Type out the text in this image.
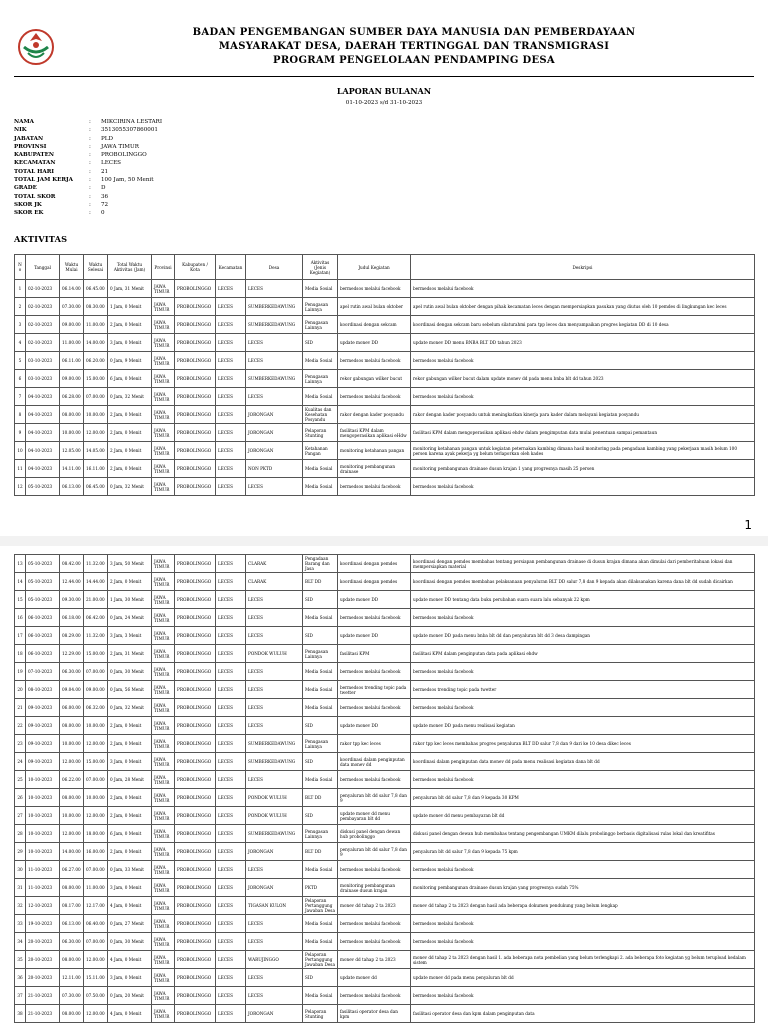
BADAN PENGEMBANGAN SUMBER DAYA MANUSIA DAN PEMBERDAYAAN
MASYARAKAT DESA, DAERAH TERTINGGAL DAN TRANSMIGRASI
PROGRAM PENGELOLAAN PENDAMPING DESA
LAPORAN BULANAN
01-10-2023 s/d 31-10-2023
NAMA	:	MIKCIRINA LESTARI
NIK	:	3513055307860001
JABATAN	:	PLD
PROVINSI	:	JAWA TIMUR
KABUPATEN	:	PROBOLINGGO
KECAMATAN	:	LECES
TOTAL HARI	:	21
TOTAL JAM KERJA	:	100 Jam, 50 Menit
GRADE	:	D
TOTAL SKOR	:	36
SKOR JK	:	72
SKOR EK	:	0
AKTIVITAS
No	Tanggal	Waktu Mulai	Waktu Selesai	Total Waktu Aktivitas (Jam)	Provinsi	Kabupaten / Kota	Kecamatan	Desa	Aktivitas (Jenis Kegiatan)	Judul Kegiatan	Deskripsi
1	02-10-2023	06.14.00	06.45.00	0 Jam, 31 Menit	JAWA TIMUR	PROBOLINGGO	LECES	LECES	Media Sosial	bermedsos melalui facebook	bermedsos melalui facebook
2	02-10-2023	07.30.00	08.30.00	1 Jam, 0 Menit	JAWA TIMUR	PROBOLINGGO	LECES	SUMBERKEDAWUNG	Penugasan Lainnya	apel rutin awal bulan oktober	apel rutin awal bulan oktober dengan pihak kecamatan leces dengan mempersiapkan pasukan yang diutus oleh 10 pemdes di lingkungan kec leces
3	02-10-2023	09.00.00	11.00.00	2 Jam, 0 Menit	JAWA TIMUR	PROBOLINGGO	LECES	SUMBERKEDAWUNG	Penugasan Lainnya	koordinasi dengan sekcam	koordinasi dengan sekcam baru sebelum silaturahmi para tpp leces dan menyampaikan progres kegiatan DD di 10 desa
4	02-10-2023	11.00.00	14.00.00	3 Jam, 0 Menit	JAWA TIMUR	PROBOLINGGO	LECES	LECES	SID	update monev DD	update monev DD menu BNBA BLT DD tahun 2023
5	03-10-2023	06.11.00	06.20.00	0 Jam, 9 Menit	JAWA TIMUR	PROBOLINGGO	LECES	LECES	Media Sosial	bermedsos melalui facebook	bermedsos melalui facebook
6	03-10-2023	09.00.00	15.00.00	6 Jam, 0 Menit	JAWA TIMUR	PROBOLINGGO	LECES	SUMBERKEDAWUNG	Penugasan Lainnya	rekor gabungan wilker bucut	rekor gabungan wilker bucut dalam update monev dd pada menu bnba blt dd tahun 2023
7	04-10-2023	06.28.00	07.00.00	0 Jam, 32 Menit	JAWA TIMUR	PROBOLINGGO	LECES	LECES	Media Sosial	bermedsos melalui facebook	bermedsos melalui facebook
8	04-10-2023	08.00.00	10.00.00	2 Jam, 0 Menit	JAWA TIMUR	PROBOLINGGO	LECES	JORONGAN	Kualitas dan Kesehatan Posyandu	rakor dengan kader posyandu	rakor dengan kader posyandu untuk meningkatkan kinerja para kader dalam melayani kegiatan posyandu
9	04-10-2023	10.00.00	12.00.00	2 Jam, 0 Menit	JAWA TIMUR	PROBOLINGGO	LECES	JORONGAN	Pelaporan Stunting	fasilitasi KPM dalam mengoperasikan aplikasi eHdw	fasilitasi KPM dalam mengoperasikan aplikasi ehdw dalam pengimputan data mulai penentuan sampai pemantaun
10	04-10-2023	12.05.00	14.05.00	2 Jam, 0 Menit	JAWA TIMUR	PROBOLINGGO	LECES	JORONGAN	Ketahanan Pangan	monitoring ketahanan pangan	monitoring ketahanan pangan untuk kegiatan peternakan kambing dimana hasil monitoring pada pengadaan kambing yang pekerjaan masih belum 100 persen karena ayak pekerja yg belum terlaporkan oleh kades
11	04-10-2023	14.11.00	16.11.00	2 Jam, 0 Menit	JAWA TIMUR	PROBOLINGGO	LECES	NON PKTD	Media Sosial	monitoring pembangunan drainase	monitoring pembangunan drainase dusun krajan 1 yang progresnya masih 25 persen
12	05-10-2023	06.13.00	06.45.00	0 Jam, 32 Menit	JAWA TIMUR	PROBOLINGGO	LECES	LECES	Media Sosial	bermedsos melalui facebook	bermedsos melalui facebook
1
13	05-10-2023	08.42.00	11.32.00	3 Jam, 50 Menit	JAWA TIMUR	PROBOLINGGO	LECES	CLARAK	Pengadaan Barang dan Jasa	koordinasi dengan pemdes	koordinasi dengan pemdes membahas tentang persiapan pembangunan drainase di dusun krajan dimana akan dimulai dari pemberitahuan lokasi dan mempersiapkan material
14	05-10-2023	12.44.00	14.44.00	2 Jam, 0 Menit	JAWA TIMUR	PROBOLINGGO	LECES	CLARAK	BLT DD	koordinasi dengan pemdes	koordinasi dengan pemdes membahas pelaksanaan penyaluran BLT DD salur 7,8 dan 9 kepada akan dilaksanakan karena dana blt dd sudah dicairkan
15	05-10-2023	09.30.00	21.00.00	1 Jam, 30 Menit	JAWA TIMUR	PROBOLINGGO	LECES	LECES	SID	update monev DD	update monev DD tentang data buku perubahan suara suara lalu sebanyak 22 kpm
16	06-10-2023	06.18.00	06.42.00	0 Jam, 24 Menit	JAWA TIMUR	PROBOLINGGO	LECES	LECES	Media Sosial	bermedsos melalui facebook	bermedsos melalui facebook
17	06-10-2023	08.29.00	11.32.00	3 Jam, 3 Menit	JAWA TIMUR	PROBOLINGGO	LECES	LECES	SID	update monev DD	update monev DD pada menu bnba blt dd dan penyaluran blt dd 3 desa dampingan
18	06-10-2023	12.29.00	15.00.00	2 Jam, 31 Menit	JAWA TIMUR	PROBOLINGGO	LECES	PONDOK WULUH	Penugasan Lainnya	fasilitasi KPM	fasilitasi KPM dalam penginputan data pada aplikasi ehdw
19	07-10-2023	06.30.00	07.00.00	0 Jam, 30 Menit	JAWA TIMUR	PROBOLINGGO	LECES	LECES	Media Sosial	bermedsos melalui facebook	bermedsos melalui facebook
20	08-10-2023	09.04.00	09.00.00	0 Jam, 56 Menit	JAWA TIMUR	PROBOLINGGO	LECES	LECES	Media Sosial	bermedsos trending topic pada twetter	bermedsos trending topic pada twetter
21	09-10-2023	06.00.00	06.32.00	0 Jam, 32 Menit	JAWA TIMUR	PROBOLINGGO	LECES	LECES	Media Sosial	bermedsos melalui facebook	bermedsos melalui facebook
22	09-10-2023	08.00.00	10.00.00	2 Jam, 0 Menit	JAWA TIMUR	PROBOLINGGO	LECES	LECES	SID	update monev DD	update monev DD pada menu realisasi kegiatan
23	09-10-2023	10.00.00	12.00.00	2 Jam, 0 Menit	JAWA TIMUR	PROBOLINGGO	LECES	SUMBERKEDAWUNG	Penugasan Lainnya	rakor tpp kec leces	rakor tpp kec leces membahas progres penyaluran BLT DD salur 7,8 dan 9 dari ke 10 desa dikec leces
24	09-10-2023	12.00.00	15.00.00	3 Jam, 0 Menit	JAWA TIMUR	PROBOLINGGO	LECES	SUMBERKEDAWUNG	SID	koordinasi dalam penginputan data monev dd	koordinasi dalam penginputan data monev dd pada menu realisasi kegiatan dana blt dd
25	10-10-2023	06.22.00	07.00.00	0 Jam, 28 Menit	JAWA TIMUR	PROBOLINGGO	LECES	LECES	Media Sosial	bermedsos melalui facebook	bermedsos melalui facebook
26	10-10-2023	08.00.00	10.00.00	2 Jam, 0 Menit	JAWA TIMUR	PROBOLINGGO	LECES	PONDOK WULUH	BLT DD	penyaluran blt dd salur 7,8 dan 9	penyaluran blt dd salur 7,8 dan 9 kepada 30 KPM
27	10-10-2023	10.00.00	12.00.00	2 Jam, 0 Menit	JAWA TIMUR	PROBOLINGGO	LECES	PONDOK WULUH	SID	update monev dd menu pembayaran blt dd	update monev dd menu pembayaran blt dd
28	10-10-2023	12.00.00	18.00.00	6 Jam, 0 Menit	JAWA TIMUR	PROBOLINGGO	LECES	SUMBERKEDAWUNG	Penugasan Lainnya	diskusi panel dengan dewan hub probolinggo	diskusi panel dengan dewan hub membahas tentang pengembangan UMKM dilalu probolinggo berbasis digitalisasi rulas lokal dan kreatifitas
29	10-10-2023	14.00.00	16.00.00	2 Jam, 0 Menit	JAWA TIMUR	PROBOLINGGO	LECES	JORONGAN	BLT DD	penyaluran blt dd salur 7,8 dan 9	penyaluran blt dd salur 7,8 dan 9 kepada 75 kpm
30	11-10-2023	06.27.00	07.00.00	0 Jam, 33 Menit	JAWA TIMUR	PROBOLINGGO	LECES	LECES	Media Sosial	bermedsos melalui facebook	bermedsos melalui facebook
31	11-10-2023	08.00.00	11.00.00	3 Jam, 0 Menit	JAWA TIMUR	PROBOLINGGO	LECES	JORONGAN	PKTD	monitoring pembangunan drainase dusun krajan	monitoring pembangunan drainase dusun krajan yang progresnya sudah 75%
32	12-10-2023	08.17.00	12.17.00	4 Jam, 0 Menit	JAWA TIMUR	PROBOLINGGO	LECES	TIGASAN KULON	Pelaporan Pertanggung Jawaban Desa	monev dd tahap 2 ta 2023	monev dd tahap 2 ta 2023 dengan hasil ada beberapa dokumen pendukung yang belum lengkap
33	19-10-2023	06.13.00	06.40.00	0 Jam, 27 Menit	JAWA TIMUR	PROBOLINGGO	LECES	LECES	Media Sosial	bermedsos melalui facebook	bermedsos melalui facebook
34	20-10-2023	06.30.00	07.00.00	0 Jam, 30 Menit	JAWA TIMUR	PROBOLINGGO	LECES	LECES	Media Sosial	bermedsos melalui facebook	bermedsos melalui facebook
35	20-10-2023	08.00.00	12.00.00	4 Jam, 0 Menit	JAWA TIMUR	PROBOLINGGO	LECES	WARUJINGGO	Pelaporan Pertanggung Jawaban Desa	monev dd tahap 2 ta 2023	monev dd tahap 2 ta 2023 dengan hasil 1. ada beberapa nota pembelian yang belum terlengkapi 2. ada beberapa foto kegiatan yg belum terupload kedalam sistem
36	20-10-2023	12.11.00	15.11.00	3 Jam, 0 Menit	JAWA TIMUR	PROBOLINGGO	LECES	LECES	SID	update monev dd	update monev dd pada menu penyaluran blt dd
37	21-10-2023	07.30.00	07.50.00	0 Jam, 20 Menit	JAWA TIMUR	PROBOLINGGO	LECES	LECES	Media Sosial	bermedsos melalui facebook	bermedsos melalui facebook
38	21-10-2023	08.00.00	12.00.00	4 Jam, 0 Menit	JAWA TIMUR	PROBOLINGGO	LECES	JORONGAN	Pelaporan Stunting	fasilitasi operator desa dan kpm	fasilitasi operator desa dan kpm dalam penginputan data
